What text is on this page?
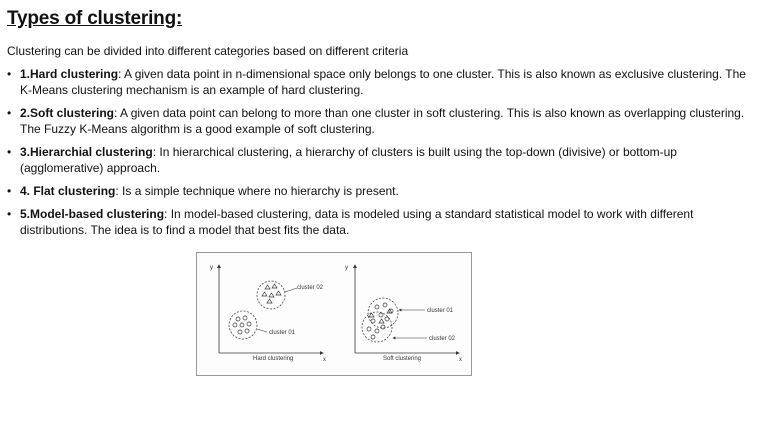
Types of clustering:

Clustering can be divided into different categories based on different criteria

• 1.Hard clustering: A given data point in n-dimensional space only belongs to one cluster. This is also known as exclusive clustering. The K-Means clustering mechanism is an example of hard clustering.
• 2.Soft clustering: A given data point can belong to more than one cluster in soft clustering. This is also known as overlapping clustering. The Fuzzy K-Means algorithm is a good example of soft clustering.
• 3.Hierarchial clustering: In hierarchical clustering, a hierarchy of clusters is built using the top-down (divisive) or bottom-up (agglomerative) approach.
• 4. Flat clustering: Is a simple technique where no hierarchy is present.
• 5.Model-based clustering: In model-based clustering, data is modeled using a standard statistical model to work with different distributions. The idea is to find a model that best fits the data.
y
x
Hard clustering
cluster 02
cluster 01
y
x
Soft clustering
cluster 01
cluster 02
